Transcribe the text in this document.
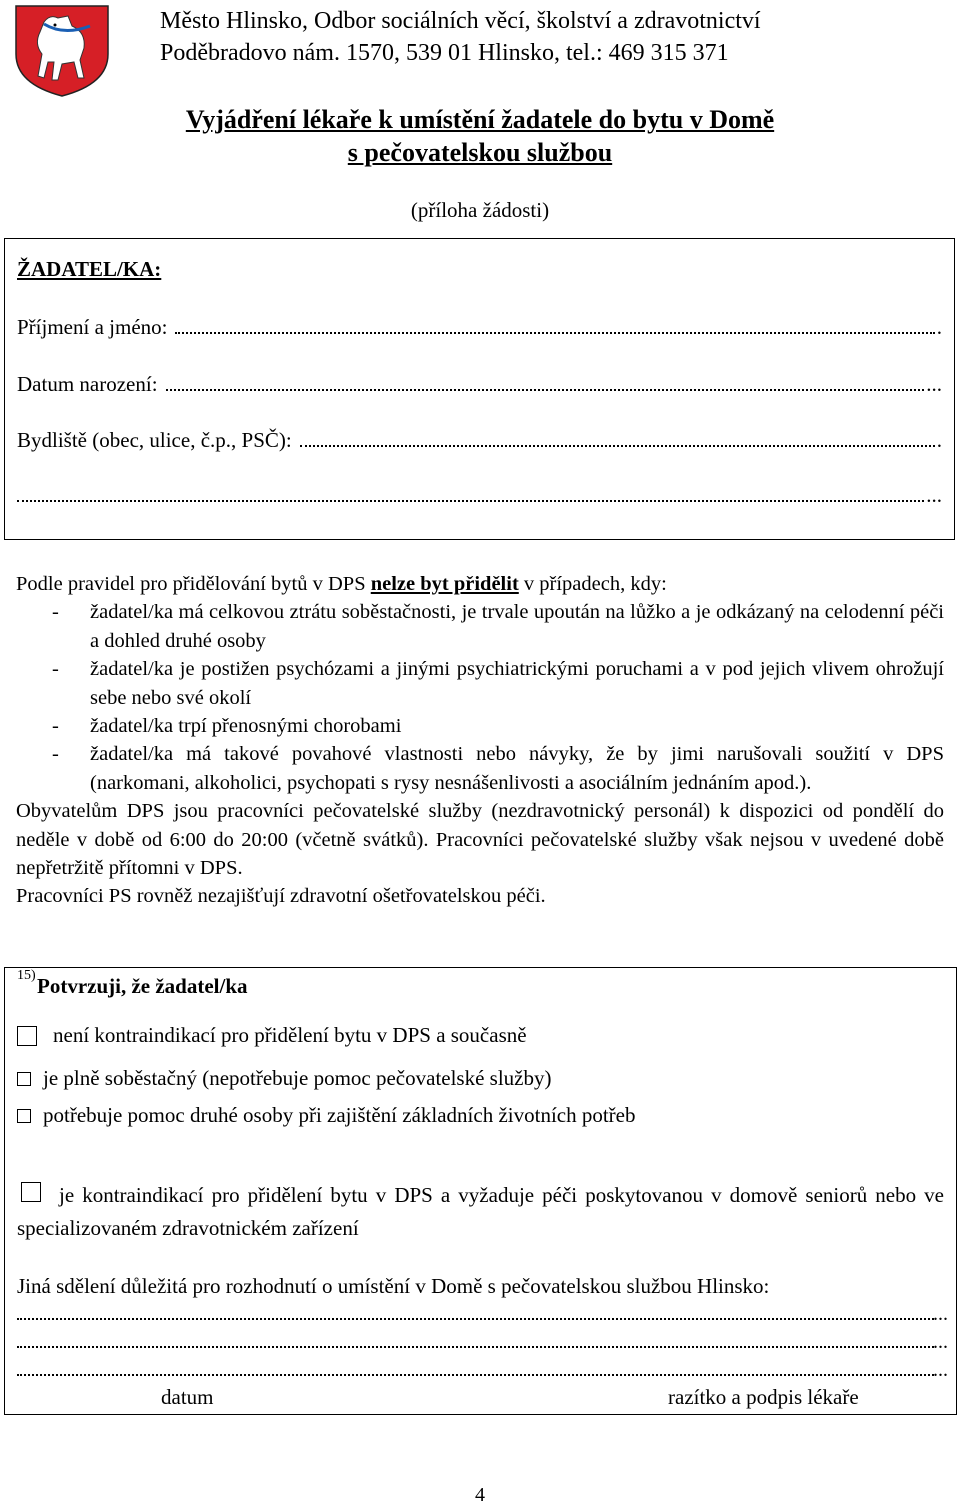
Město Hlinsko, Odbor sociálních věcí, školství a zdravotnictví
Poděbradovo nám. 1570, 539 01 Hlinsko, tel.: 469 315 371
Vyjádření lékaře k umístění žadatele do bytu v Domě
s pečovatelskou službou
(příloha žádosti)
ŽADATEL/KA:
Příjmení a jméno:	.
Datum narození:	...
Bydliště (obec, ulice, č.p., PSČ):	.
...

Podle pravidel pro přidělování bytů v DPS nelze byt přidělit v případech, kdy:

-	žadatel/ka má celkovou ztrátu soběstačnosti, je trvale upoután na lůžko a je odkázaný na celodenní péči a dohled druhé osoby
-	žadatel/ka je postižen psychózami a jinými psychiatrickými poruchami a v pod jejich vlivem ohrožují sebe nebo své okolí
-	žadatel/ka trpí přenosnými chorobami
-	žadatel/ka má takové povahové vlastnosti nebo návyky, že by jimi narušovali soužití v DPS (narkomani, alkoholici, psychopati s rysy nesnášenlivosti a asociálním jednáním apod.).

Obyvatelům DPS jsou pracovníci pečovatelské služby (nezdravotnický personál) k dispozici od pondělí do neděle v době od 6:00 do 20:00 (včetně svátků). Pracovníci pečovatelské služby však nejsou v uvedené době nepřetržitě přítomni v DPS.

Pracovníci PS rovněž nezajišťují zdravotní ošetřovatelskou péči.

15) Potvrzuji, že žadatel/ka
není kontraindikací pro přidělení bytu v DPS a současně
je plně soběstačný (nepotřebuje pomoc pečovatelské služby)
potřebuje pomoc druhé osoby při zajištění základních životních potřeb
je kontraindikací pro přidělení bytu v DPS a vyžaduje péči poskytovanou v domově seniorů nebo ve specializovaném zdravotnickém zařízení
Jiná sdělení důležitá pro rozhodnutí o umístění v Domě s pečovatelskou službou Hlinsko:
...
...
...
datum	razítko a podpis lékaře
4
